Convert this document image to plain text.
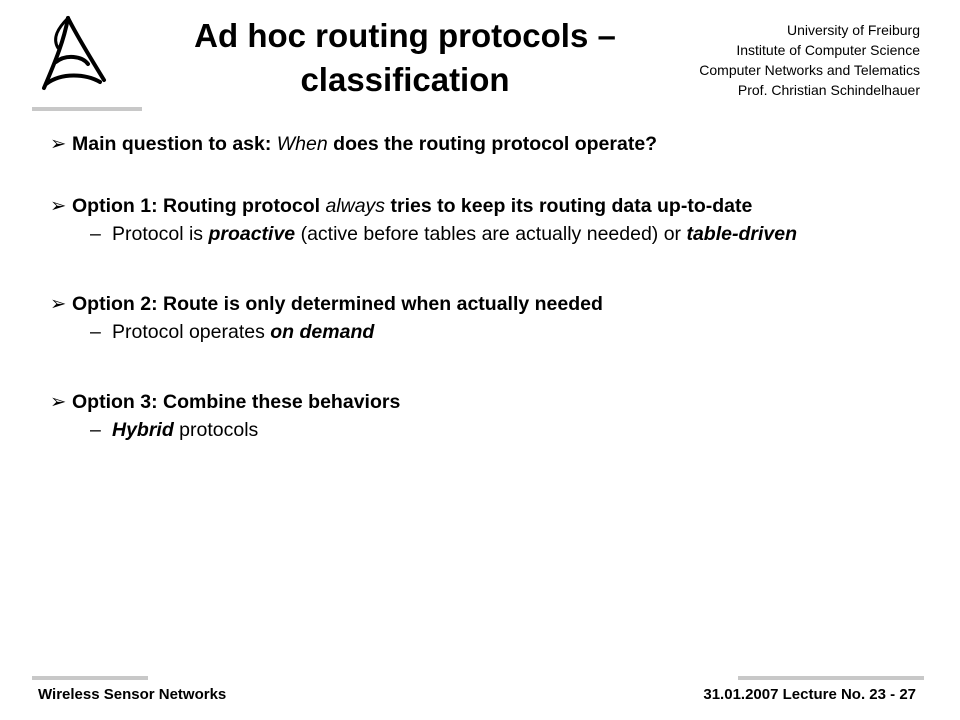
Ad hoc routing protocols –
classification
University of Freiburg
Institute of Computer Science
Computer Networks and Telematics
Prof. Christian Schindelhauer
➢ Main question to ask: When does the routing protocol operate?
➢ Option 1: Routing protocol always tries to keep its routing data up-to-date
– Protocol is proactive (active before tables are actually needed) or table-driven
➢ Option 2: Route is only determined when actually needed
– Protocol operates on demand
➢ Option 3: Combine these behaviors
– Hybrid protocols
Wireless Sensor Networks	31.01.2007 Lecture No. 23 - 27
